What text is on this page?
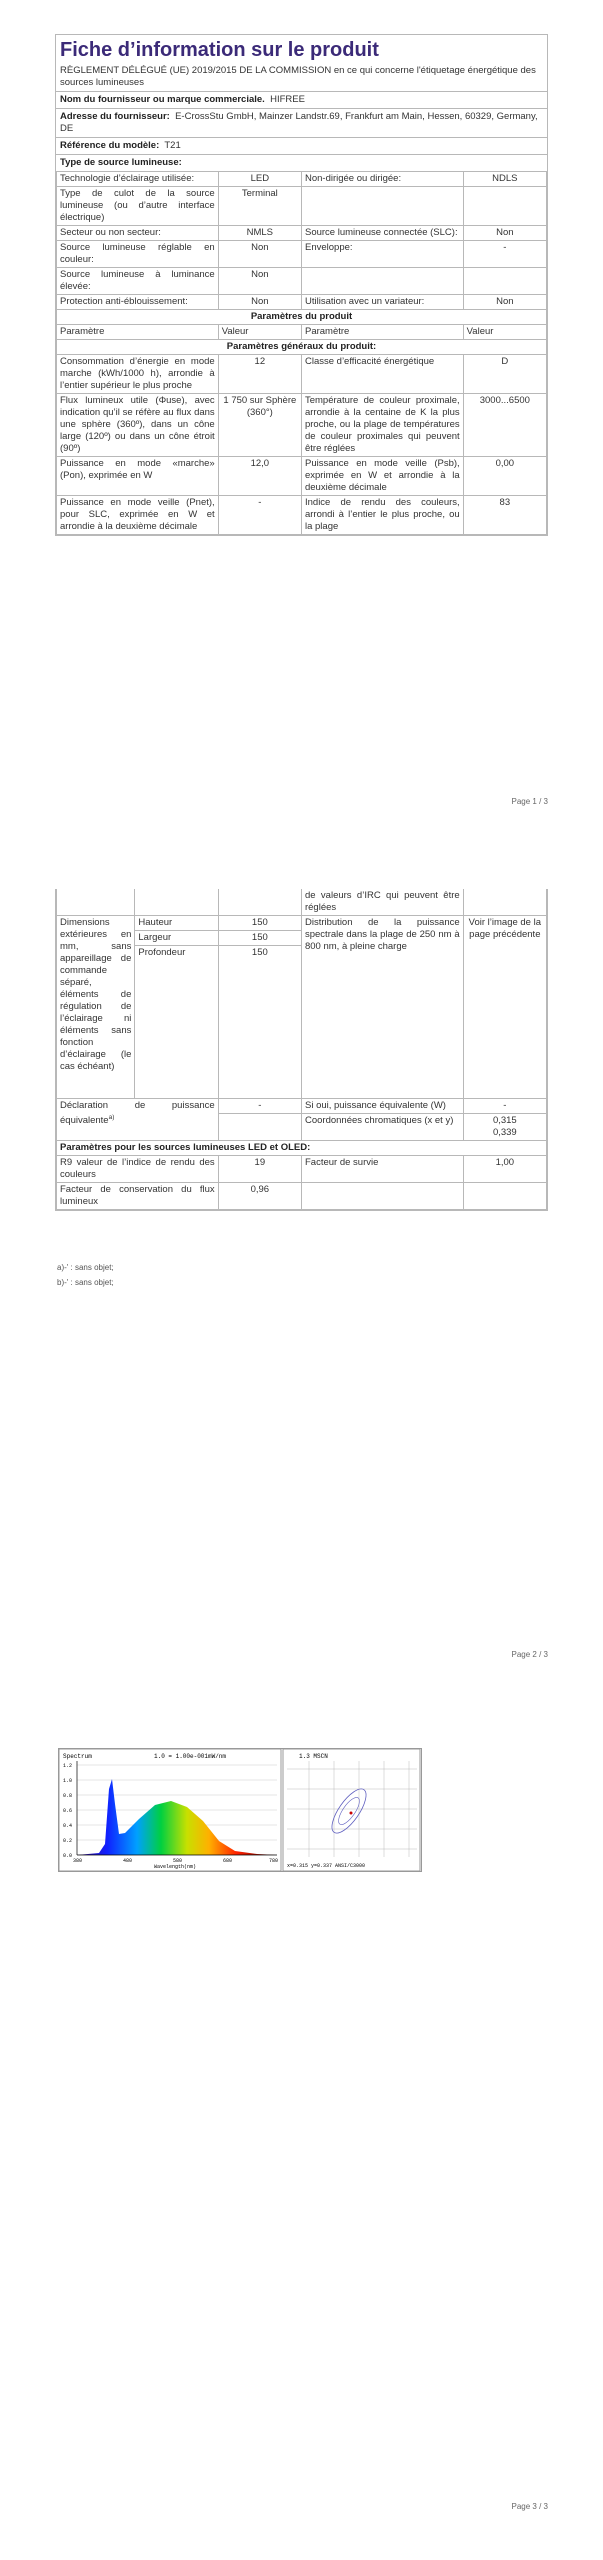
Fiche d’information sur le produit
RÈGLEMENT DÉLÉGUÉ (UE) 2019/2015 DE LA COMMISSION en ce qui concerne l'étiquetage énergétique des sources lumineuses
Nom du fournisseur ou marque commerciale. HIFREE
Adresse du fournisseur: E-CrossStu GmbH, Mainzer Landstr.69, Frankfurt am Main, Hessen, 60329, Germany, DE
Référence du modèle: T21
Type de source lumineuse:
Technologie d’éclairage utilisée:	LED	Non-dirigée ou dirigée:	NDLS
Type de culot de la source lumineuse (ou d’autre interface électrique)	Terminal		
Secteur ou non secteur:	NMLS	Source lumineuse connectée (SLC):	Non
Source lumineuse réglable en couleur:	Non	Enveloppe:	-
Source lumineuse à luminance élevée:	Non		
Protection anti-éblouissement:	Non	Utilisation avec un variateur:	Non
Paramètres du produit			
Paramètre	Valeur	Paramètre	Valeur
Paramètres généraux du produit:			
Consommation d’énergie en mode marche (kWh/1000 h), arrondie à l’entier supérieur le plus proche	12	Classe d’efficacité énergétique	D
Flux lumineux utile (Φuse), avec indication qu’il se réfère au flux dans une sphère (360º), dans un cône large (120º) ou dans un cône étroit (90º)	1 750 sur Sphère (360°)	Température de couleur proximale, arrondie à la centaine de K la plus proche, ou la plage de températures de couleur proximales qui peuvent être réglées	3000...6500
Puissance en mode «marche» (Pon), exprimée en W	12,0	Puissance en mode veille (Psb), exprimée en W et arrondie à la deuxième décimale	0,00
Puissance en mode veille (Pnet), pour SLC, exprimée en W et arrondie à la deuxième décimale	-	Indice de rendu des couleurs, arrondi à l’entier le plus proche, ou la plage	83
Page 1 / 3
			de valeurs d’IRC qui peuvent être réglées	
Dimensions extérieures en mm, sans appareillage de commande séparé, éléments de régulation de l’éclairage ni éléments sans fonction d’éclairage (le cas échéant)	Hauteur	150	Distribution de la puissance spectrale dans la plage de 250 nm à 800 nm, à pleine charge	Voir l’image de la page précédente
	Largeur	150		
	Profondeur	150		
Déclaration de puissance équivalente$^{a)}$		-	Si oui, puissance équivalente (W)	-
			Coordonnées chromatiques (x et y)	0,315
0,339

Paramètres pour les sources lumineuses LED et OLED:				
R9 valeur de l’indice de rendu des couleurs		19	Facteur de survie	1,00
Facteur de conservation du flux lumineux		0,96		
a)-' : sans objet;
b)-' : sans objet;
Page 2 / 3
Spectrum	1.0 = 1.00e-001mW/nm
380	480	580	680	780
0.0
0.2
0.4
0.6
0.8
1.0
1.2
Wavelength(nm)
1.3 MSCN
x=0.315 y=0.337 ANSI/C3000
Page 3 / 3
